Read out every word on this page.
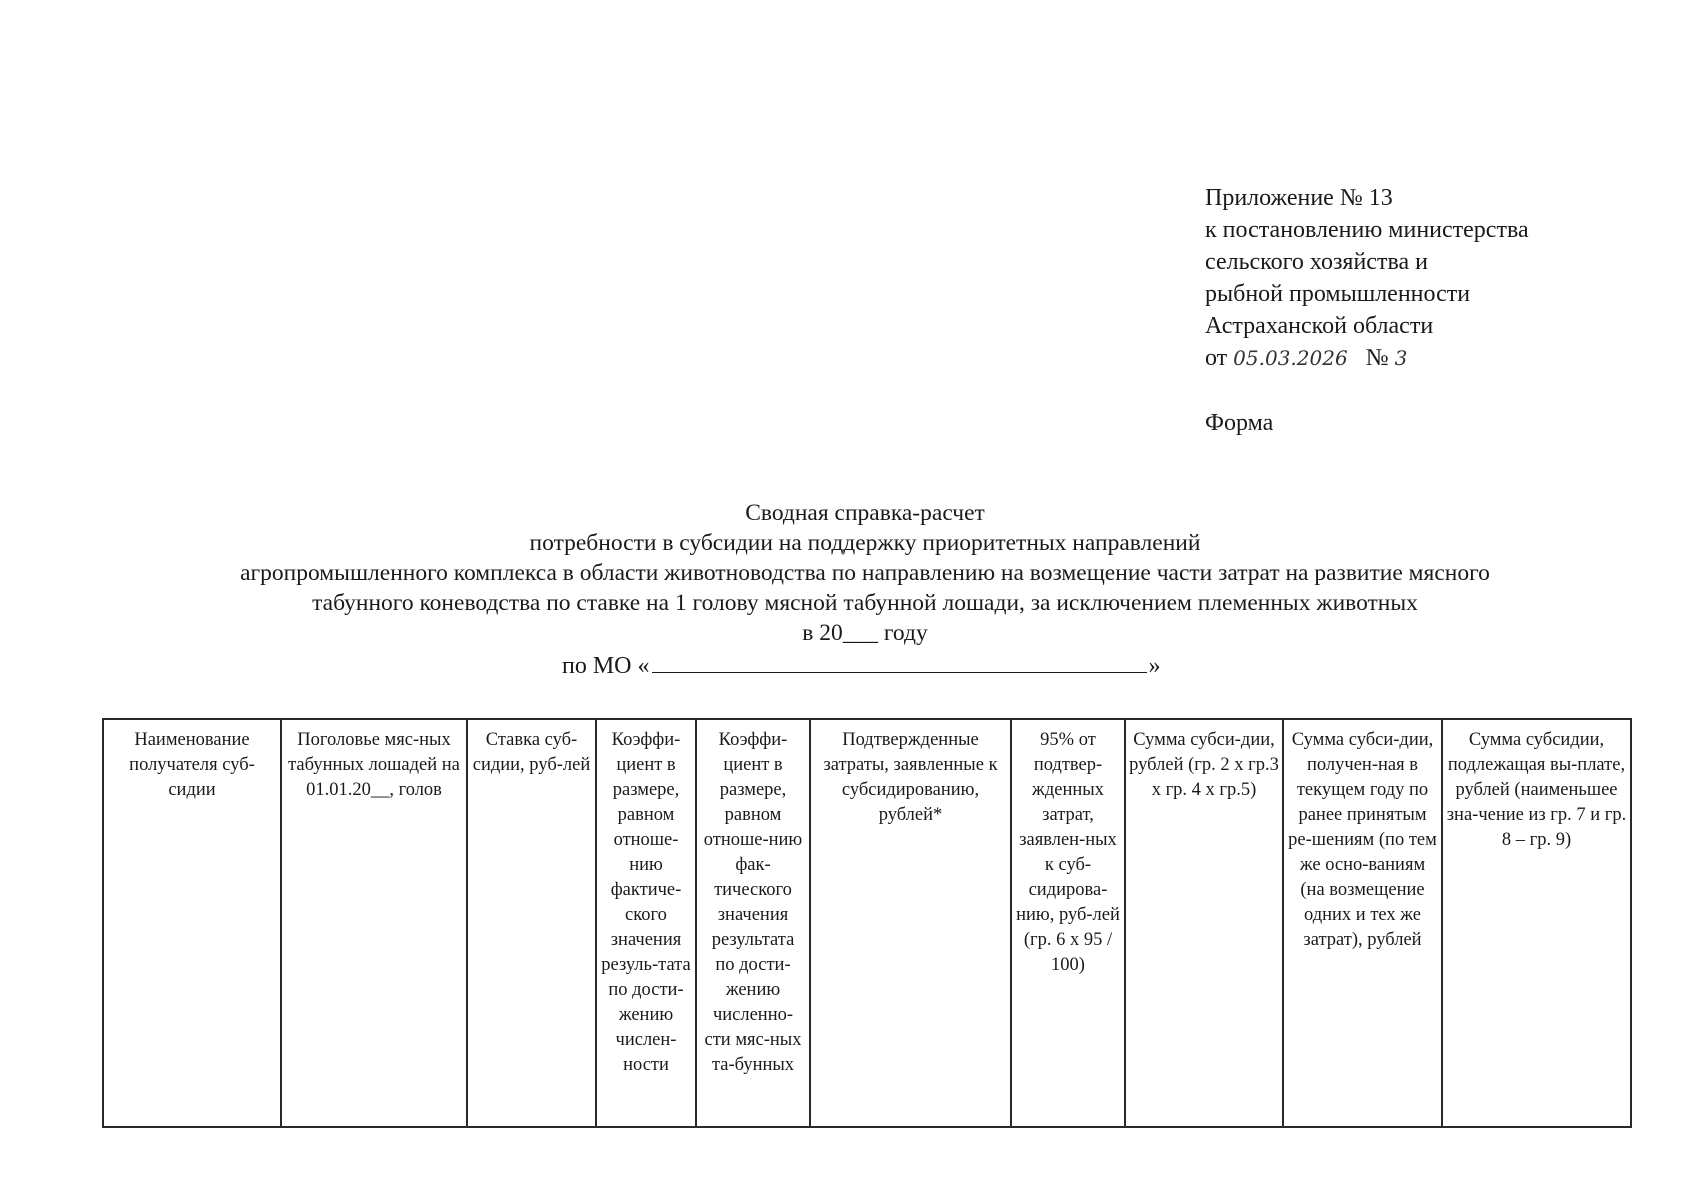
Приложение № 13
к постановлению министерства
сельского хозяйства и
рыбной промышленности
Астраханской области
от 05.03.2026 № 3
Форма
Сводная справка-расчет
потребности в субсидии на поддержку приоритетных направлений
агропромышленного комплекса в области животноводства по направлению на возмещение части затрат на развитие мясного
табунного коневодства по ставке на 1 голову мясной табунной лошади, за исключением племенных животных
в 20___ году
по МО «	»
Наименование получателя суб-сидии	Поголовье мяс-ных табунных лошадей на 01.01.20__, голов	Ставка суб-сидии, руб-лей	Коэффи-циент в размере, равном отноше-нию фактиче-ского значения резуль-тата по дости-жению числен-ности	Коэффи-циент в размере, равном отноше-нию фак-тического значения результата по дости-жению численно-сти мяс-ных та-бунных	Подтвержденные затраты, заявленные к субсидированию, рублей*	95% от подтвер-жденных затрат, заявлен-ных к суб-сидирова-нию, руб-лей (гр. 6 x 95 / 100)	Сумма субси-дии, рублей (гр. 2 х гр.3 х гр. 4 х гр.5)	Сумма субси-дии, получен-ная в текущем году по ранее принятым ре-шениям (по тем же осно-ваниям (на возмещение одних и тех же затрат), рублей	Сумма субсидии, подлежащая вы-плате, рублей (наименьшее зна-чение из гр. 7 и гр. 8 – гр. 9)
